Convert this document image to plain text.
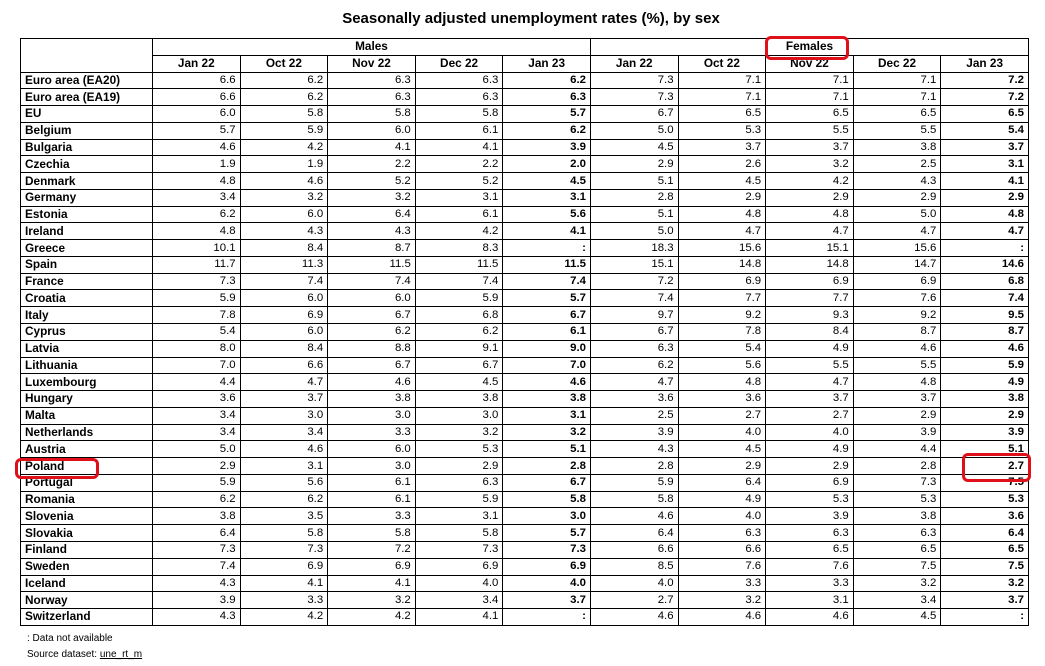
Seasonally adjusted unemployment rates (%), by sex
	Males					Females				
	Jan 22	Oct 22	Nov 22	Dec 22	Jan 23	Jan 22	Oct 22	Nov 22	Dec 22	Jan 23
Euro area (EA20)	6.6	6.2	6.3	6.3	6.2	7.3	7.1	7.1	7.1	7.2
Euro area (EA19)	6.6	6.2	6.3	6.3	6.3	7.3	7.1	7.1	7.1	7.2
EU	6.0	5.8	5.8	5.8	5.7	6.7	6.5	6.5	6.5	6.5
Belgium	5.7	5.9	6.0	6.1	6.2	5.0	5.3	5.5	5.5	5.4
Bulgaria	4.6	4.2	4.1	4.1	3.9	4.5	3.7	3.7	3.8	3.7
Czechia	1.9	1.9	2.2	2.2	2.0	2.9	2.6	3.2	2.5	3.1
Denmark	4.8	4.6	5.2	5.2	4.5	5.1	4.5	4.2	4.3	4.1
Germany	3.4	3.2	3.2	3.1	3.1	2.8	2.9	2.9	2.9	2.9
Estonia	6.2	6.0	6.4	6.1	5.6	5.1	4.8	4.8	5.0	4.8
Ireland	4.8	4.3	4.3	4.2	4.1	5.0	4.7	4.7	4.7	4.7
Greece	10.1	8.4	8.7	8.3	:	18.3	15.6	15.1	15.6	:
Spain	11.7	11.3	11.5	11.5	11.5	15.1	14.8	14.8	14.7	14.6
France	7.3	7.4	7.4	7.4	7.4	7.2	6.9	6.9	6.9	6.8
Croatia	5.9	6.0	6.0	5.9	5.7	7.4	7.7	7.7	7.6	7.4
Italy	7.8	6.9	6.7	6.8	6.7	9.7	9.2	9.3	9.2	9.5
Cyprus	5.4	6.0	6.2	6.2	6.1	6.7	7.8	8.4	8.7	8.7
Latvia	8.0	8.4	8.8	9.1	9.0	6.3	5.4	4.9	4.6	4.6
Lithuania	7.0	6.6	6.7	6.7	7.0	6.2	5.6	5.5	5.5	5.9
Luxembourg	4.4	4.7	4.6	4.5	4.6	4.7	4.8	4.7	4.8	4.9
Hungary	3.6	3.7	3.8	3.8	3.8	3.6	3.6	3.7	3.7	3.8
Malta	3.4	3.0	3.0	3.0	3.1	2.5	2.7	2.7	2.9	2.9
Netherlands	3.4	3.4	3.3	3.2	3.2	3.9	4.0	4.0	3.9	3.9
Austria	5.0	4.6	6.0	5.3	5.1	4.3	4.5	4.9	4.4	5.1
Poland	2.9	3.1	3.0	2.9	2.8	2.8	2.9	2.9	2.8	2.7
Portugal	5.9	5.6	6.1	6.3	6.7	5.9	6.4	6.9	7.3	7.5
Romania	6.2	6.2	6.1	5.9	5.8	5.8	4.9	5.3	5.3	5.3
Slovenia	3.8	3.5	3.3	3.1	3.0	4.6	4.0	3.9	3.8	3.6
Slovakia	6.4	5.8	5.8	5.8	5.7	6.4	6.3	6.3	6.3	6.4
Finland	7.3	7.3	7.2	7.3	7.3	6.6	6.6	6.5	6.5	6.5
Sweden	7.4	6.9	6.9	6.9	6.9	8.5	7.6	7.6	7.5	7.5
Iceland	4.3	4.1	4.1	4.0	4.0	4.0	3.3	3.3	3.2	3.2
Norway	3.9	3.3	3.2	3.4	3.7	2.7	3.2	3.1	3.4	3.7
Switzerland	4.3	4.2	4.2	4.1	:	4.6	4.6	4.6	4.5	:
: Data not available
Source dataset: une_rt_m
